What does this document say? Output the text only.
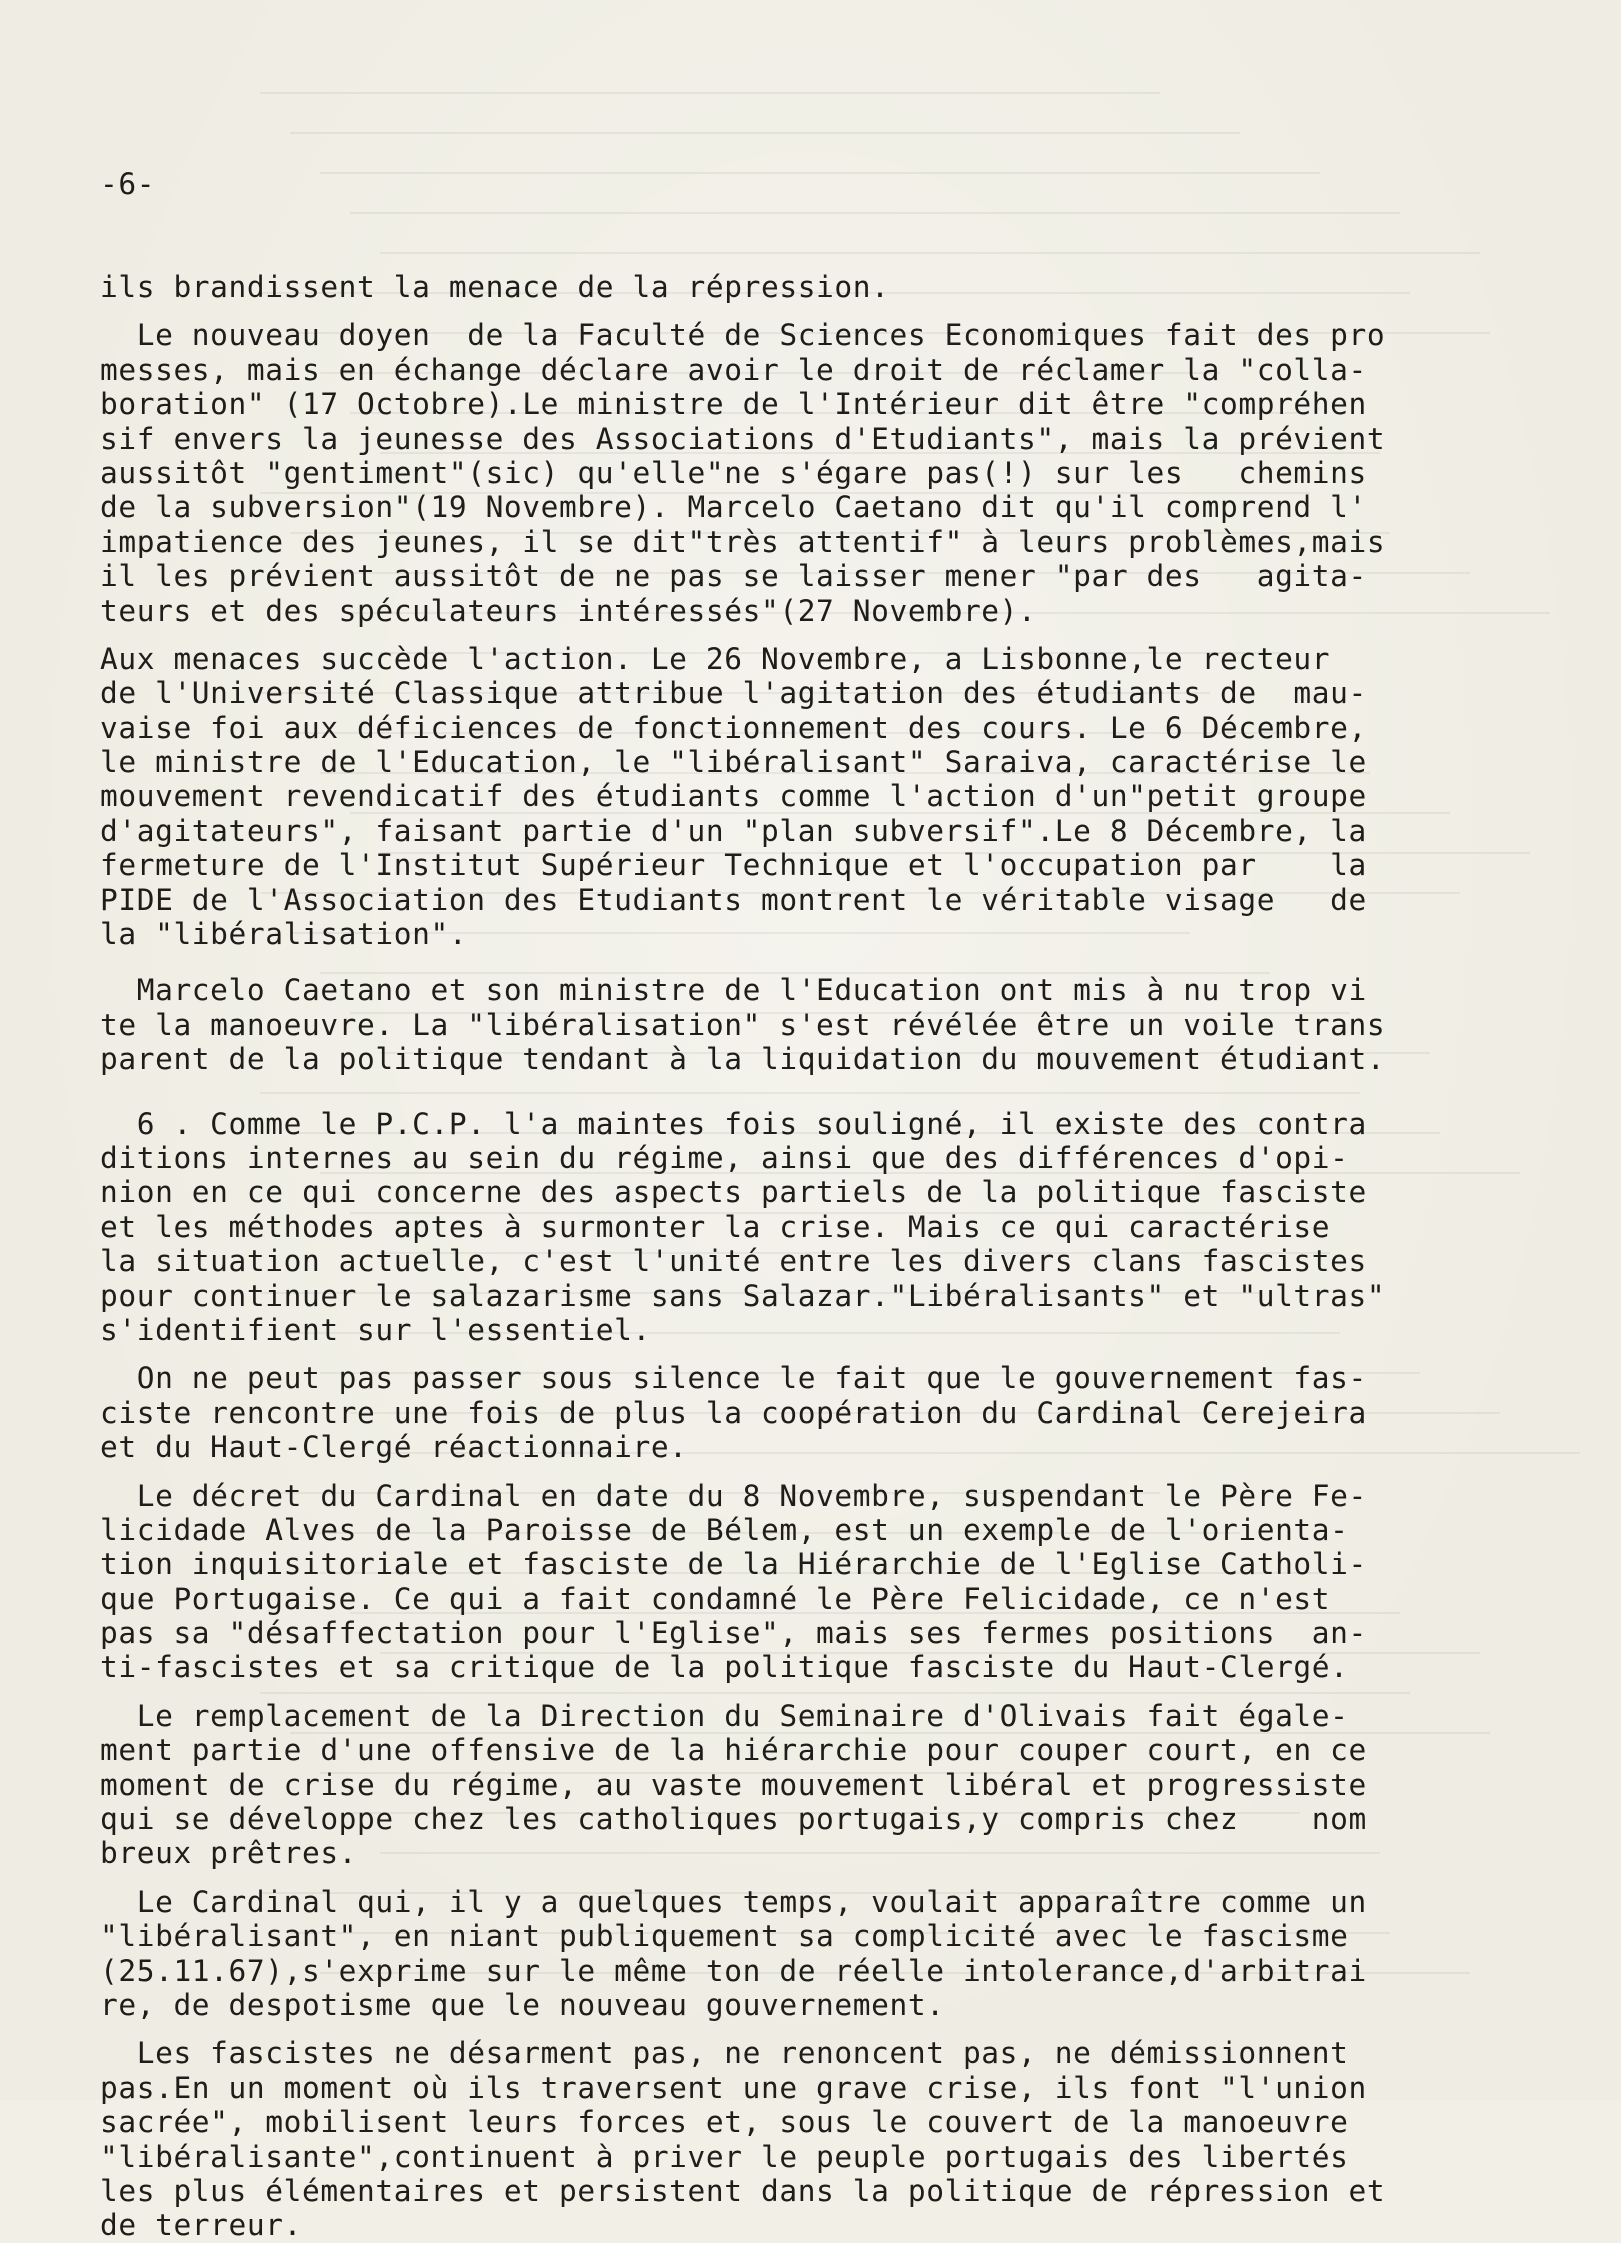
-6-

ils brandissent la menace de la répression.
Le nouveau doyen  de la Faculté de Sciences Economiques fait des pro
messes, mais en échange déclare avoir le droit de réclamer la "colla-
boration" (17 Octobre).Le ministre de l'Intérieur dit être "compréhen
sif envers la jeunesse des Associations d'Etudiants", mais la prévient
aussitôt "gentiment"(sic) qu'elle"ne s'égare pas(!) sur les   chemins
de la subversion"(19 Novembre). Marcelo Caetano dit qu'il comprend l'
impatience des jeunes, il se dit"très attentif" à leurs problèmes,mais
il les prévient aussitôt de ne pas se laisser mener "par des   agita-
teurs et des spéculateurs intéressés"(27 Novembre).
Aux menaces succède l'action. Le 26 Novembre, a Lisbonne,le recteur
de l'Université Classique attribue l'agitation des étudiants de  mau-
vaise foi aux déficiences de fonctionnement des cours. Le 6 Décembre,
le ministre de l'Education, le "libéralisant" Saraiva, caractérise le
mouvement revendicatif des étudiants comme l'action d'un"petit groupe
d'agitateurs", faisant partie d'un "plan subversif".Le 8 Décembre, la
fermeture de l'Institut Supérieur Technique et l'occupation par    la
PIDE de l'Association des Etudiants montrent le véritable visage   de
la "libéralisation".
Marcelo Caetano et son ministre de l'Education ont mis à nu trop vi
te la manoeuvre. La "libéralisation" s'est révélée être un voile trans
parent de la politique tendant à la liquidation du mouvement étudiant.
6 . Comme le P.C.P. l'a maintes fois souligné, il existe des contra
ditions internes au sein du régime, ainsi que des différences d'opi-
nion en ce qui concerne des aspects partiels de la politique fasciste
et les méthodes aptes à surmonter la crise. Mais ce qui caractérise
la situation actuelle, c'est l'unité entre les divers clans fascistes
pour continuer le salazarisme sans Salazar."Libéralisants" et "ultras"
s'identifient sur l'essentiel.
On ne peut pas passer sous silence le fait que le gouvernement fas-
ciste rencontre une fois de plus la coopération du Cardinal Cerejeira
et du Haut-Clergé réactionnaire.
Le décret du Cardinal en date du 8 Novembre, suspendant le Père Fe-
licidade Alves de la Paroisse de Bélem, est un exemple de l'orienta-
tion inquisitoriale et fasciste de la Hiérarchie de l'Eglise Catholi-
que Portugaise. Ce qui a fait condamné le Père Felicidade, ce n'est
pas sa "désaffectation pour l'Eglise", mais ses fermes positions  an-
ti-fascistes et sa critique de la politique fasciste du Haut-Clergé.
Le remplacement de la Direction du Seminaire d'Olivais fait égale-
ment partie d'une offensive de la hiérarchie pour couper court, en ce
moment de crise du régime, au vaste mouvement libéral et progressiste
qui se développe chez les catholiques portugais,y compris chez    nom
breux prêtres.
Le Cardinal qui, il y a quelques temps, voulait apparaître comme un
"libéralisant", en niant publiquement sa complicité avec le fascisme
(25.11.67),s'exprime sur le même ton de réelle intolerance,d'arbitrai
re, de despotisme que le nouveau gouvernement.
Les fascistes ne désarment pas, ne renoncent pas, ne démissionnent
pas.En un moment où ils traversent une grave crise, ils font "l'union
sacrée", mobilisent leurs forces et, sous le couvert de la manoeuvre
"libéralisante",continuent à priver le peuple portugais des libertés
les plus élémentaires et persistent dans la politique de répression et
de terreur.
